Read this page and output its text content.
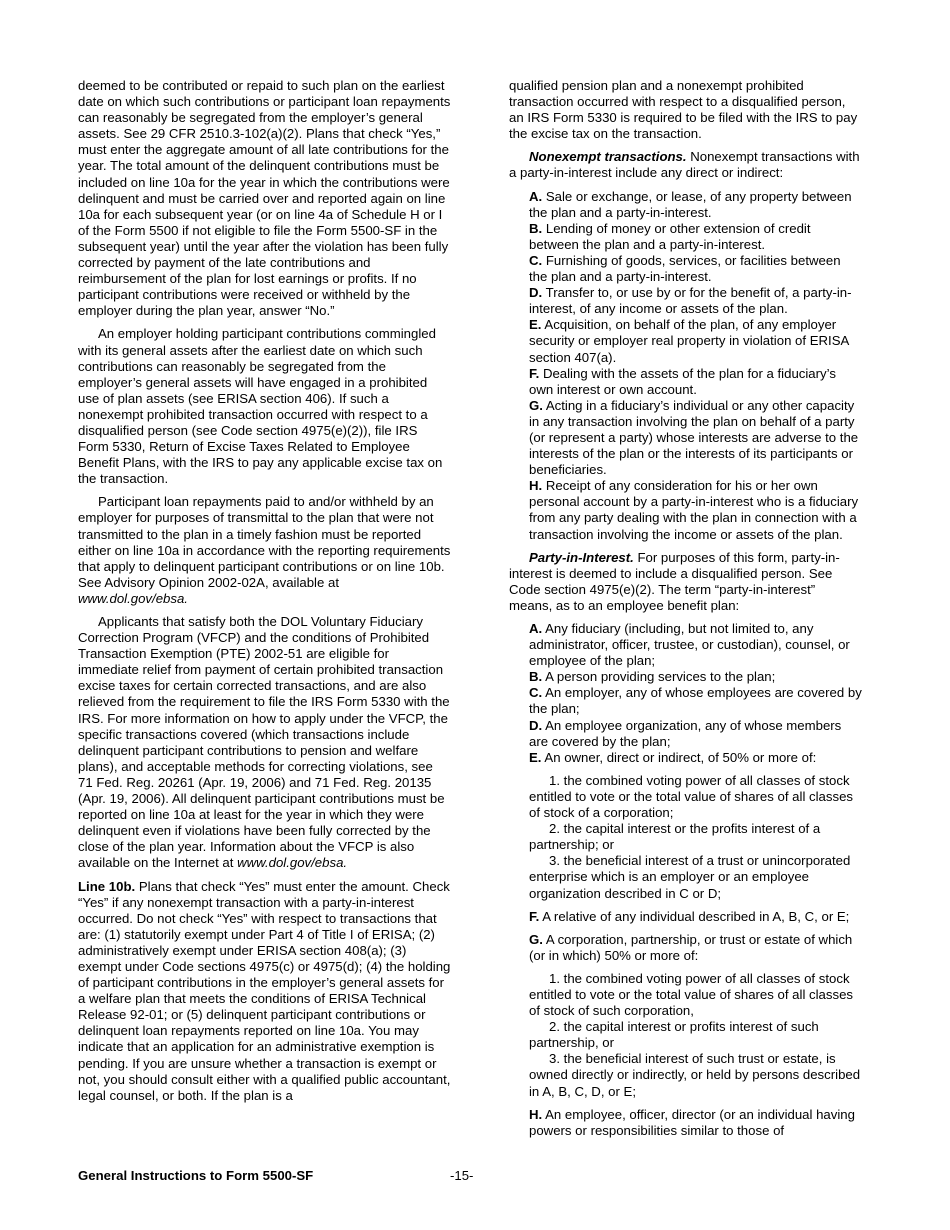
deemed to be contributed or repaid to such plan on the earliest date on which such contributions or participant loan repayments can reasonably be segregated from the employer’s general assets. See 29 CFR 2510.3-102(a)(2). Plans that check “Yes,” must enter the aggregate amount of all late contributions for the year. The total amount of the delinquent contributions must be included on line 10a for the year in which the contributions were delinquent and must be carried over and reported again on line 10a for each subsequent year (or on line 4a of Schedule H or I of the Form 5500 if not eligible to file the Form 5500-SF in the subsequent year) until the year after the violation has been fully corrected by payment of the late contributions and reimbursement of the plan for lost earnings or profits. If no participant contributions were received or withheld by the employer during the plan year, answer “No.”

An employer holding participant contributions commingled with its general assets after the earliest date on which such contributions can reasonably be segregated from the employer’s general assets will have engaged in a prohibited use of plan assets (see ERISA section 406). If such a nonexempt prohibited transaction occurred with respect to a disqualified person (see Code section 4975(e)(2)), file IRS Form 5330, Return of Excise Taxes Related to Employee Benefit Plans, with the IRS to pay any applicable excise tax on the transaction.

Participant loan repayments paid to and/or withheld by an employer for purposes of transmittal to the plan that were not transmitted to the plan in a timely fashion must be reported either on line 10a in accordance with the reporting requirements that apply to delinquent participant contributions or on line 10b. See Advisory Opinion 2002-02A, available at www.dol.gov/ebsa.

Applicants that satisfy both the DOL Voluntary Fiduciary Correction Program (VFCP) and the conditions of Prohibited Transaction Exemption (PTE) 2002-51 are eligible for immediate relief from payment of certain prohibited transaction excise taxes for certain corrected transactions, and are also relieved from the requirement to file the IRS Form 5330 with the IRS. For more information on how to apply under the VFCP, the specific transactions covered (which transactions include delinquent participant contributions to pension and welfare plans), and acceptable methods for correcting violations, see 71 Fed. Reg. 20261 (Apr. 19, 2006) and 71 Fed. Reg. 20135 (Apr. 19, 2006). All delinquent participant contributions must be reported on line 10a at least for the year in which they were delinquent even if violations have been fully corrected by the close of the plan year. Information about the VFCP is also available on the Internet at www.dol.gov/ebsa.

Line 10b. Plans that check “Yes” must enter the amount. Check “Yes” if any nonexempt transaction with a party-in-interest occurred. Do not check “Yes” with respect to transactions that are: (1) statutorily exempt under Part 4 of Title I of ERISA; (2) administratively exempt under ERISA section 408(a); (3) exempt under Code sections 4975(c) or 4975(d); (4) the holding of participant contributions in the employer’s general assets for a welfare plan that meets the conditions of ERISA Technical Release 92-01; or (5) delinquent participant contributions or delinquent loan repayments reported on line 10a. You may indicate that an application for an administrative exemption is pending. If you are unsure whether a transaction is exempt or not, you should consult either with a qualified public accountant, legal counsel, or both. If the plan is a

qualified pension plan and a nonexempt prohibited transaction occurred with respect to a disqualified person, an IRS Form 5330 is required to be filed with the IRS to pay the excise tax on the transaction.

Nonexempt transactions. Nonexempt transactions with a party-in-interest include any direct or indirect:

A. Sale or exchange, or lease, of any property between the plan and a party-in-interest.
B. Lending of money or other extension of credit between the plan and a party-in-interest.
C. Furnishing of goods, services, or facilities between the plan and a party-in-interest.
D. Transfer to, or use by or for the benefit of, a party-in-interest, of any income or assets of the plan.
E. Acquisition, on behalf of the plan, of any employer security or employer real property in violation of ERISA section 407(a).
F. Dealing with the assets of the plan for a fiduciary’s own interest or own account.
G. Acting in a fiduciary’s individual or any other capacity in any transaction involving the plan on behalf of a party (or represent a party) whose interests are adverse to the interests of the plan or the interests of its participants or beneficiaries.
H. Receipt of any consideration for his or her own personal account by a party-in-interest who is a fiduciary from any party dealing with the plan in connection with a transaction involving the income or assets of the plan.

Party-in-Interest. For purposes of this form, party-in-interest is deemed to include a disqualified person. See Code section 4975(e)(2). The term “party-in-interest” means, as to an employee benefit plan:

A. Any fiduciary (including, but not limited to, any administrator, officer, trustee, or custodian), counsel, or employee of the plan;
B. A person providing services to the plan;
C. An employer, any of whose employees are covered by the plan;
D. An employee organization, any of whose members are covered by the plan;
E. An owner, direct or indirect, of 50% or more of:
1. the combined voting power of all classes of stock entitled to vote or the total value of shares of all classes of stock of a corporation;
2. the capital interest or the profits interest of a partnership; or
3. the beneficial interest of a trust or unincorporated enterprise which is an employer or an employee organization described in C or D;
F. A relative of any individual described in A, B, C, or E;
G. A corporation, partnership, or trust or estate of which (or in which) 50% or more of:
1. the combined voting power of all classes of stock entitled to vote or the total value of shares of all classes of stock of such corporation,
2. the capital interest or profits interest of such partnership, or
3. the beneficial interest of such trust or estate, is owned directly or indirectly, or held by persons described in A, B, C, D, or E;
H. An employee, officer, director (or an individual having powers or responsibilities similar to those of
General Instructions to Form 5500-SF	-15-
